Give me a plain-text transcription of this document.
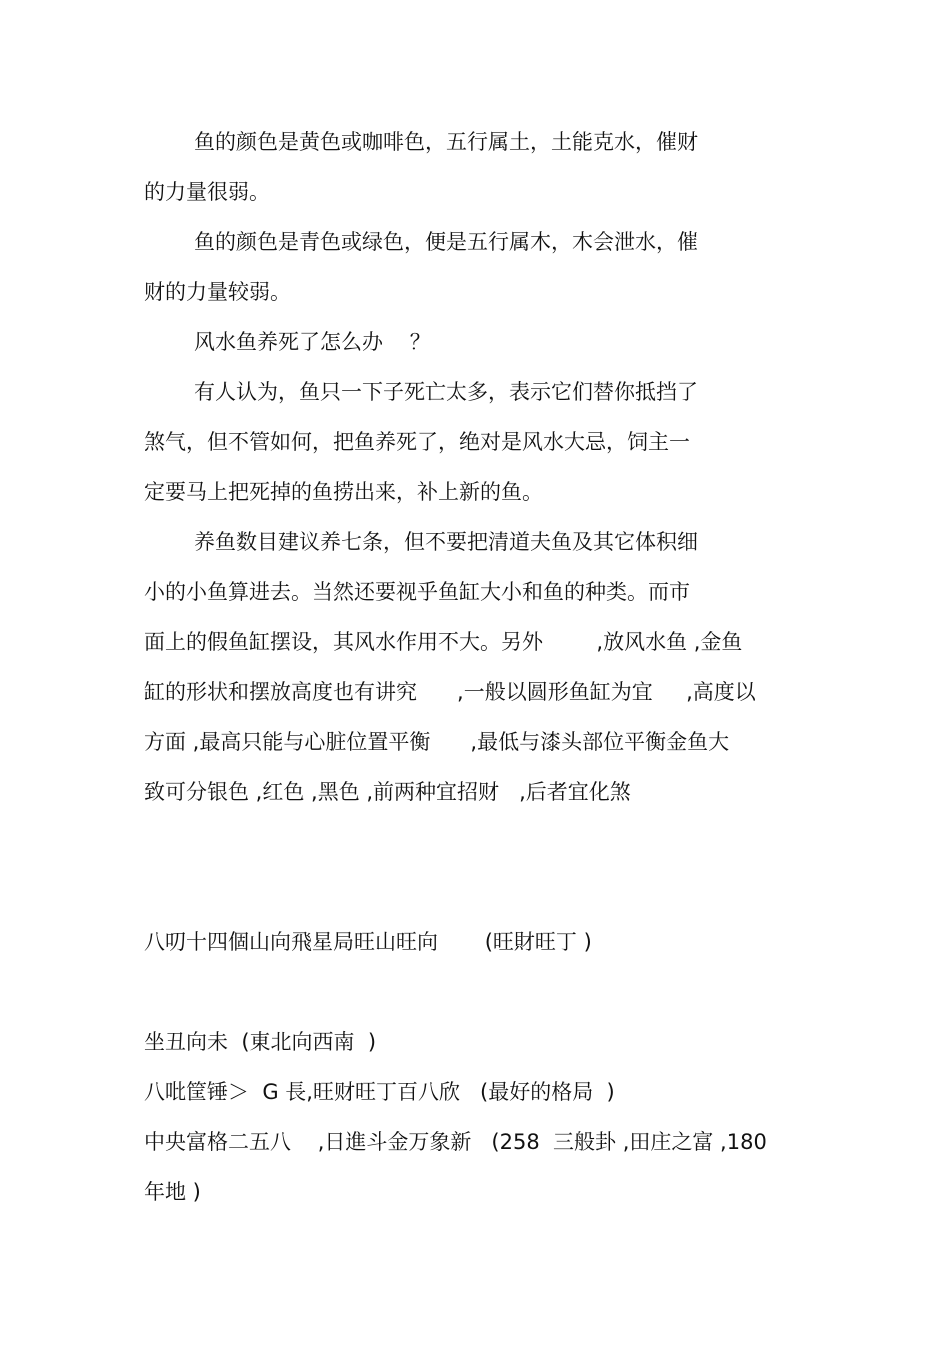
鱼的颜色是黄色或咖啡色，五行属土，土能克水，催财

的力量很弱。

鱼的颜色是青色或绿色，便是五行属木，木会泄水，催

财的力量较弱。

风水鱼养死了怎么办    ？

有人认为，鱼只一下子死亡太多，表示它们替你抵挡了

煞气，但不管如何，把鱼养死了，绝对是风水大忌，饲主一

定要马上把死掉的鱼捞出来，补上新的鱼。

养鱼数目建议养七条，但不要把清道夫鱼及其它体积细

小的小鱼算进去。当然还要视乎鱼缸大小和鱼的种类。而市

面上的假鱼缸摆设，其风水作用不大。另外        ,放风水鱼 ,金鱼

缸的形状和摆放高度也有讲究      ,一般以圆形鱼缸为宜     ,高度以

方面 ,最高只能与心脏位置平衡      ,最低与漆头部位平衡金鱼大

致可分银色 ,红色 ,黑色 ,前两种宜招财   ,后者宜化煞

八叨十四個山向飛星局旺山旺向       (旺財旺丁 )

坐丑向未  (東北向西南  )

八吡筐锤＞  G 長,旺财旺丁百八欣   (最好的格局  )

中央富格二五八    ,日進斗金万象新   (258  三般卦 ,田庄之富 ,180

年地 )
